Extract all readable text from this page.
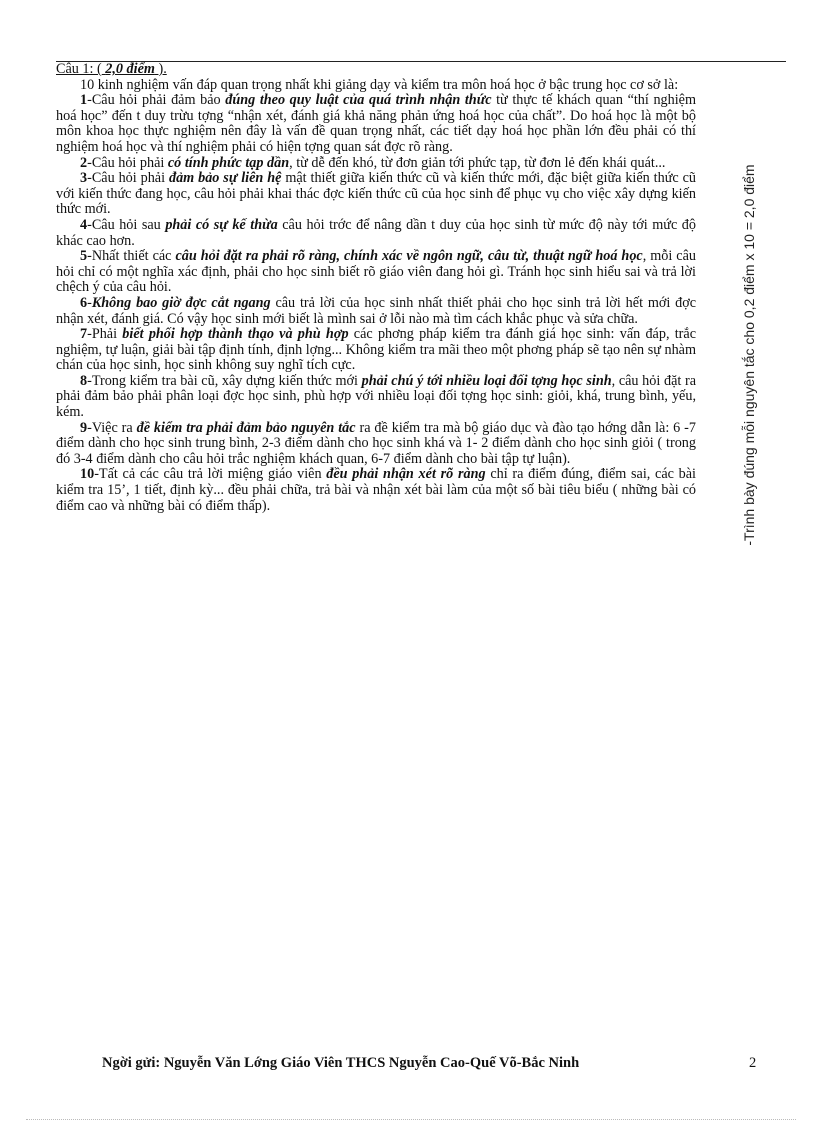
Câu 1: ( 2,0 điểm ).

10 kinh nghiệm vấn đáp quan trọng nhất khi giảng dạy và kiểm tra môn hoá học ở bậc trung học cơ sở là:

1-Câu hỏi phải đảm bảo đúng theo quy luật của quá trình nhận thức từ thực tế khách quan “thí nghiệm hoá học” đến t duy trừu tợng “nhận xét, đánh giá khả năng phản ứng hoá học của chất”. Do hoá học là một bộ môn khoa học thực nghiệm nên đây là vấn đề quan trọng nhất, các tiết dạy hoá học phần lớn đều phải có thí nghiệm hoá học và thí nghiệm phải có hiện tợng quan sát đợc rõ ràng.

2-Câu hỏi phải có tính phức tạp dần, từ dễ đến khó, từ đơn giản tới phức tạp, từ đơn lẻ đến khái quát...

3-Câu hỏi phải đảm bảo sự liên hệ mật thiết giữa kiến thức cũ và kiến thức mới, đặc biệt giữa kiến thức cũ với kiến thức đang học, câu hỏi phải khai thác đợc kiến thức cũ của học sinh để phục vụ cho việc xây dựng kiến thức mới.

4-Câu hỏi sau phải có sự kế thừa câu hỏi trớc để nâng dần t duy của học sinh từ mức độ này tới mức độ khác cao hơn.

5-Nhất thiết các câu hỏi đặt ra phải rõ ràng, chính xác về ngôn ngữ, câu từ, thuật ngữ hoá học, mỗi câu hỏi chỉ có một nghĩa xác định, phải cho học sinh biết rõ giáo viên đang hỏi gì. Tránh học sinh hiểu sai và trả lời chệch ý của câu hỏi.

6-Không bao giờ đợc cắt ngang câu trả lời của học sinh nhất thiết phải cho học sinh trả lời hết mới đợc nhận xét, đánh giá. Có vậy học sinh mới biết là mình sai ở lỗi nào mà tìm cách khắc phục và sửa chữa.

7-Phải biết phối hợp thành thạo và phù hợp các phơng pháp kiểm tra đánh giá học sinh: vấn đáp, trắc nghiệm, tự luận, giải bài tập định tính, định lợng... Không kiểm tra mãi theo một phơng pháp sẽ tạo nên sự nhàm chán của học sinh, học sinh không suy nghĩ tích cực.

8-Trong kiểm tra bài cũ, xây dựng kiến thức mới phải chú ý tới nhiều loại đối tợng học sinh, câu hỏi đặt ra phải đảm bảo phải phân loại đợc học sinh, phù hợp với nhiều loại đối tợng học sinh: giỏi, khá, trung bình, yếu, kém.

9-Việc ra đề kiểm tra phải đảm bảo nguyên tắc ra đề kiểm tra mà bộ giáo dục và đào tạo hớng dẫn là: 6 -7 điểm dành cho học sinh trung bình, 2-3 điểm dành cho học sinh khá và 1- 2 điểm dành cho học sinh giỏi ( trong đó 3-4 điểm dành cho câu hỏi trắc nghiệm khách quan, 6-7 điểm dành cho bài tập tự luận).

10-Tất cả các câu trả lời miệng giáo viên đều phải nhận xét rõ ràng chỉ ra điểm đúng, điểm sai, các bài kiểm tra 15’, 1 tiết, định kỳ... đều phải chữa, trả bài và nhận xét bài làm của một số bài tiêu biểu ( những bài có điểm cao và những bài có điểm thấp).	-Trình bày đúng mỗi nguyên tắc cho 0,2 điểm x 10 = 2,0 điểm
Ngời gửi: Nguyễn Văn Lớng Giáo Viên THCS Nguyễn Cao-Quế Võ-Bắc Ninh	2
